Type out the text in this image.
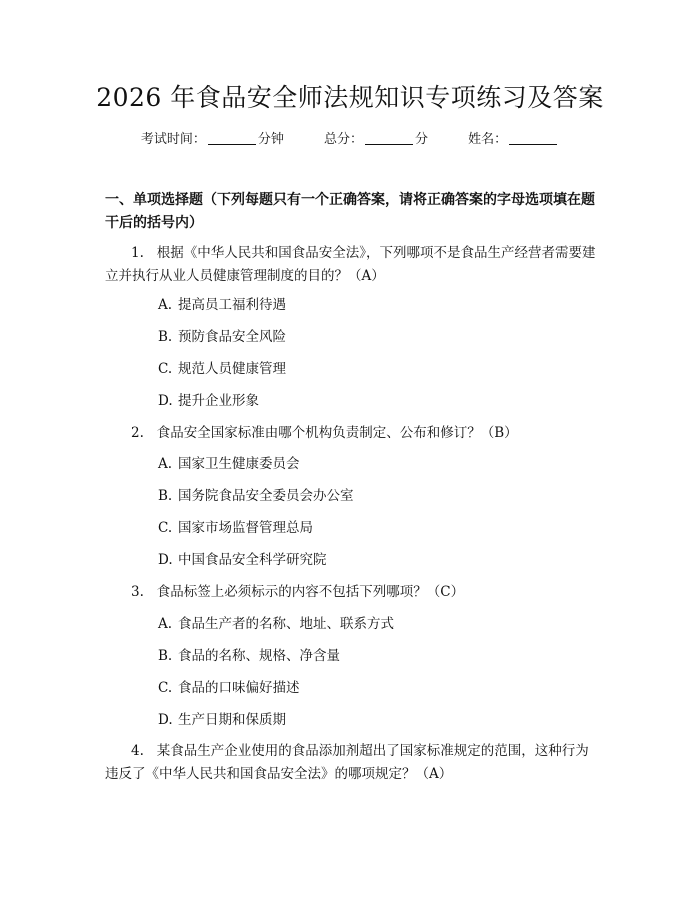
2026 年食品安全师法规知识专项练习及答案
考试时间：	分钟	总分：	分	姓名：
一、单项选择题（下列每题只有一个正确答案，请将正确答案的字母选项填在题干后的括号内）
1. 根据《中华人民共和国食品安全法》，下列哪项不是食品生产经营者需要建立并执行从业人员健康管理制度的目的？（A）
A. 提高员工福利待遇
B. 预防食品安全风险
C. 规范人员健康管理
D. 提升企业形象
2. 食品安全国家标准由哪个机构负责制定、公布和修订？（B）
A. 国家卫生健康委员会
B. 国务院食品安全委员会办公室
C. 国家市场监督管理总局
D. 中国食品安全科学研究院
3. 食品标签上必须标示的内容不包括下列哪项？（C）
A. 食品生产者的名称、地址、联系方式
B. 食品的名称、规格、净含量
C. 食品的口味偏好描述
D. 生产日期和保质期
4. 某食品生产企业使用的食品添加剂超出了国家标准规定的范围，这种行为违反了《中华人民共和国食品安全法》的哪项规定？（A）
